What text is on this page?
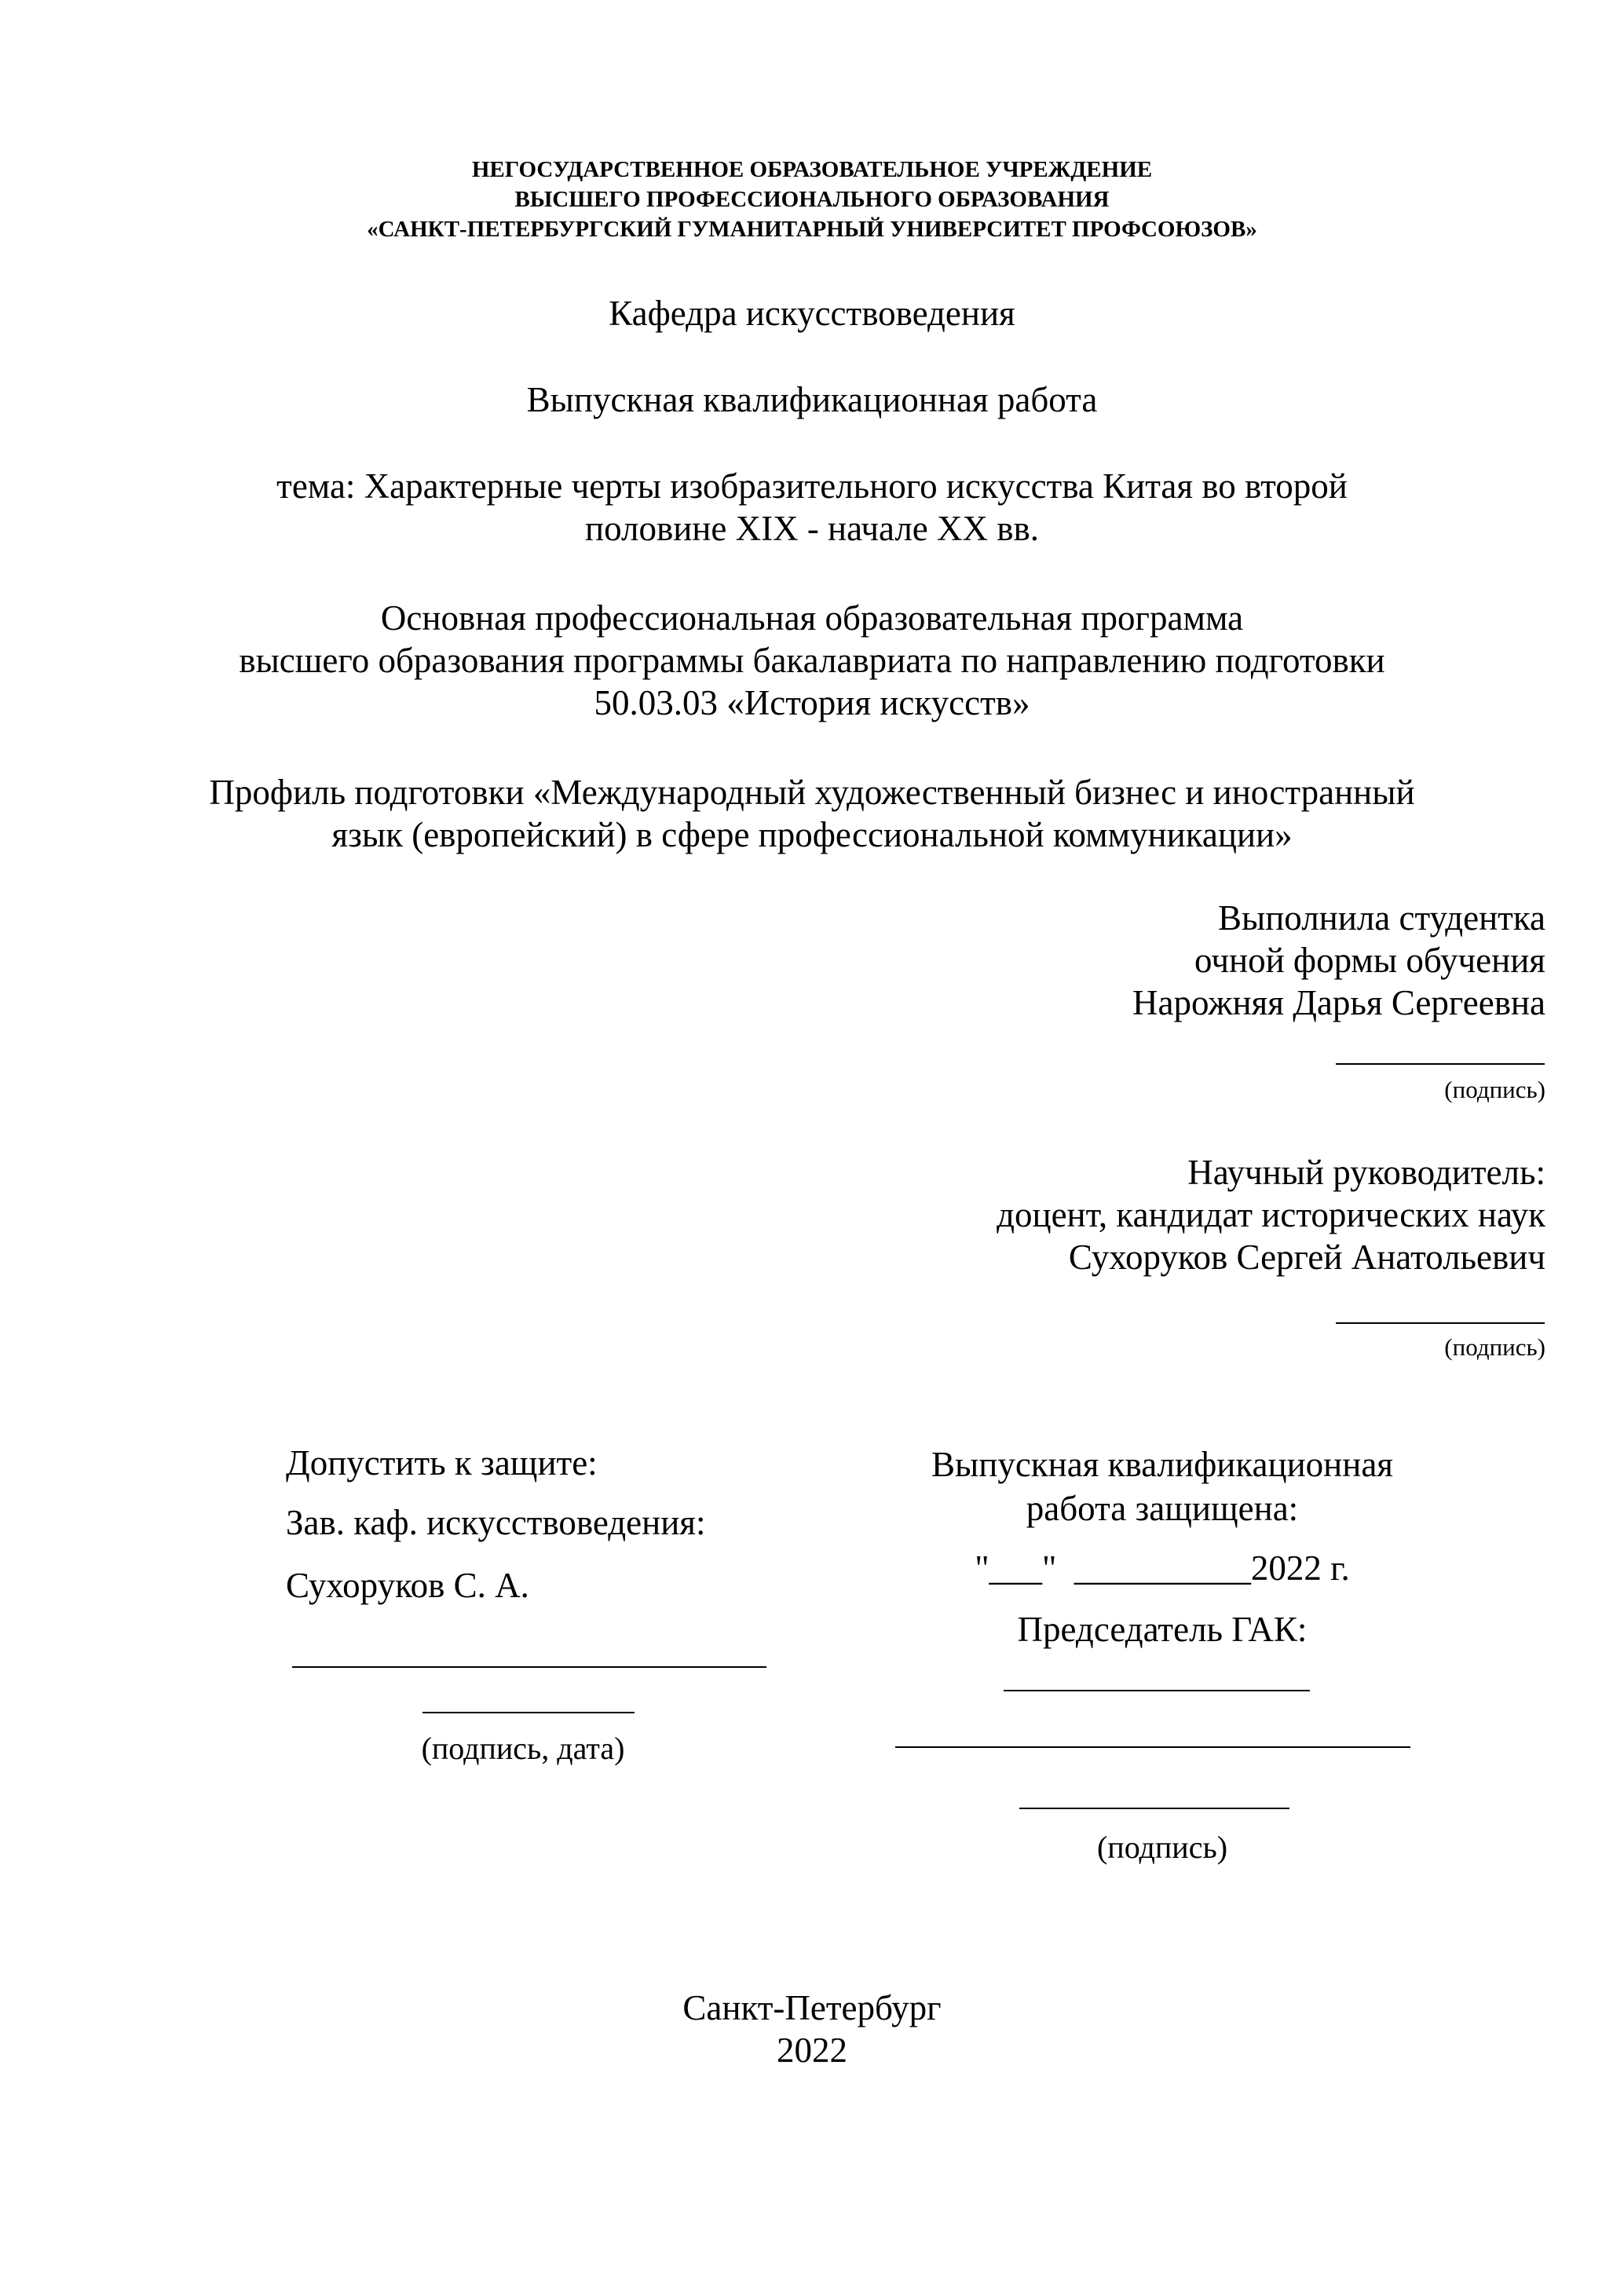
НЕГОСУДАРСТВЕННОЕ ОБРАЗОВАТЕЛЬНОЕ УЧРЕЖДЕНИЕ
ВЫСШЕГО ПРОФЕССИОНАЛЬНОГО ОБРАЗОВАНИЯ
«САНКТ-ПЕТЕРБУРГСКИЙ ГУМАНИТАРНЫЙ УНИВЕРСИТЕТ ПРОФСОЮЗОВ»
Кафедра искусствоведения
Выпускная квалификационная работа
тема: Характерные черты изобразительного искусства Китая во второй
половине XIX - начале XX вв.
Основная профессиональная образовательная программа
высшего образования программы бакалавриата по направлению подготовки
50.03.03 «История искусств»
Профиль подготовки «Международный художественный бизнес и иностранный
язык (европейский) в сфере профессиональной коммуникации»
Выполнила студентка
очной формы обучения
Нарожняя Дарья Сергеевна
(подпись)
Научный руководитель:
доцент, кандидат исторических наук
Сухоруков Сергей Анатольевич
(подпись)
Допустить к защите:
Зав. каф. искусствоведения:
Сухоруков С. А.
(подпись, дата)
Выпускная квалификационная
работа защищена:
"___"  __________2022 г.
Председатель ГАК:
(подпись)
Санкт-Петербург
2022
